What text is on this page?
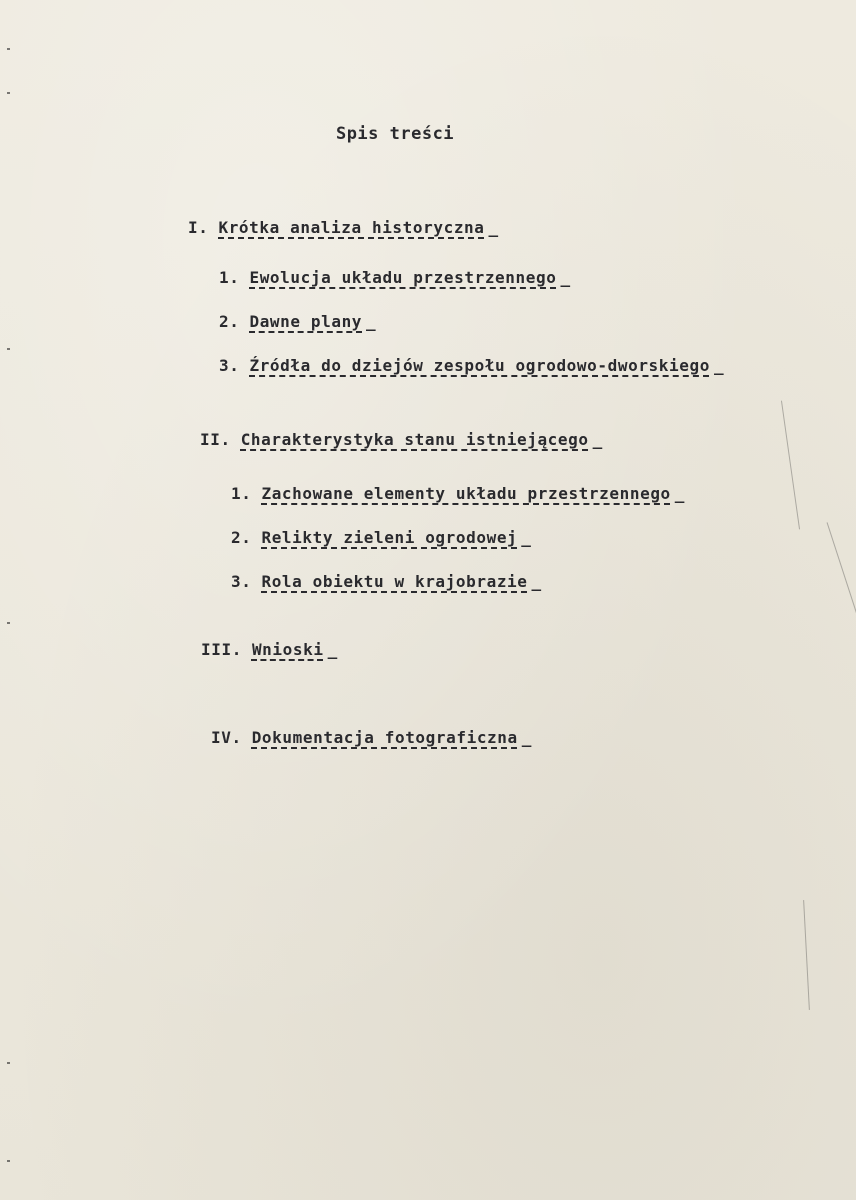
Spis treści
I. Krótka analiza historyczna _
1. Ewolucja układu przestrzennego _
2. Dawne plany _
3. Źródła do dziejów zespołu ogrodowo-dworskiego _
II. Charakterystyka stanu istniejącego _
1. Zachowane elementy układu przestrzennego _
2. Relikty zieleni ogrodowej _
3. Rola obiektu w krajobrazie _
III. Wnioski _
IV. Dokumentacja fotograficzna _
